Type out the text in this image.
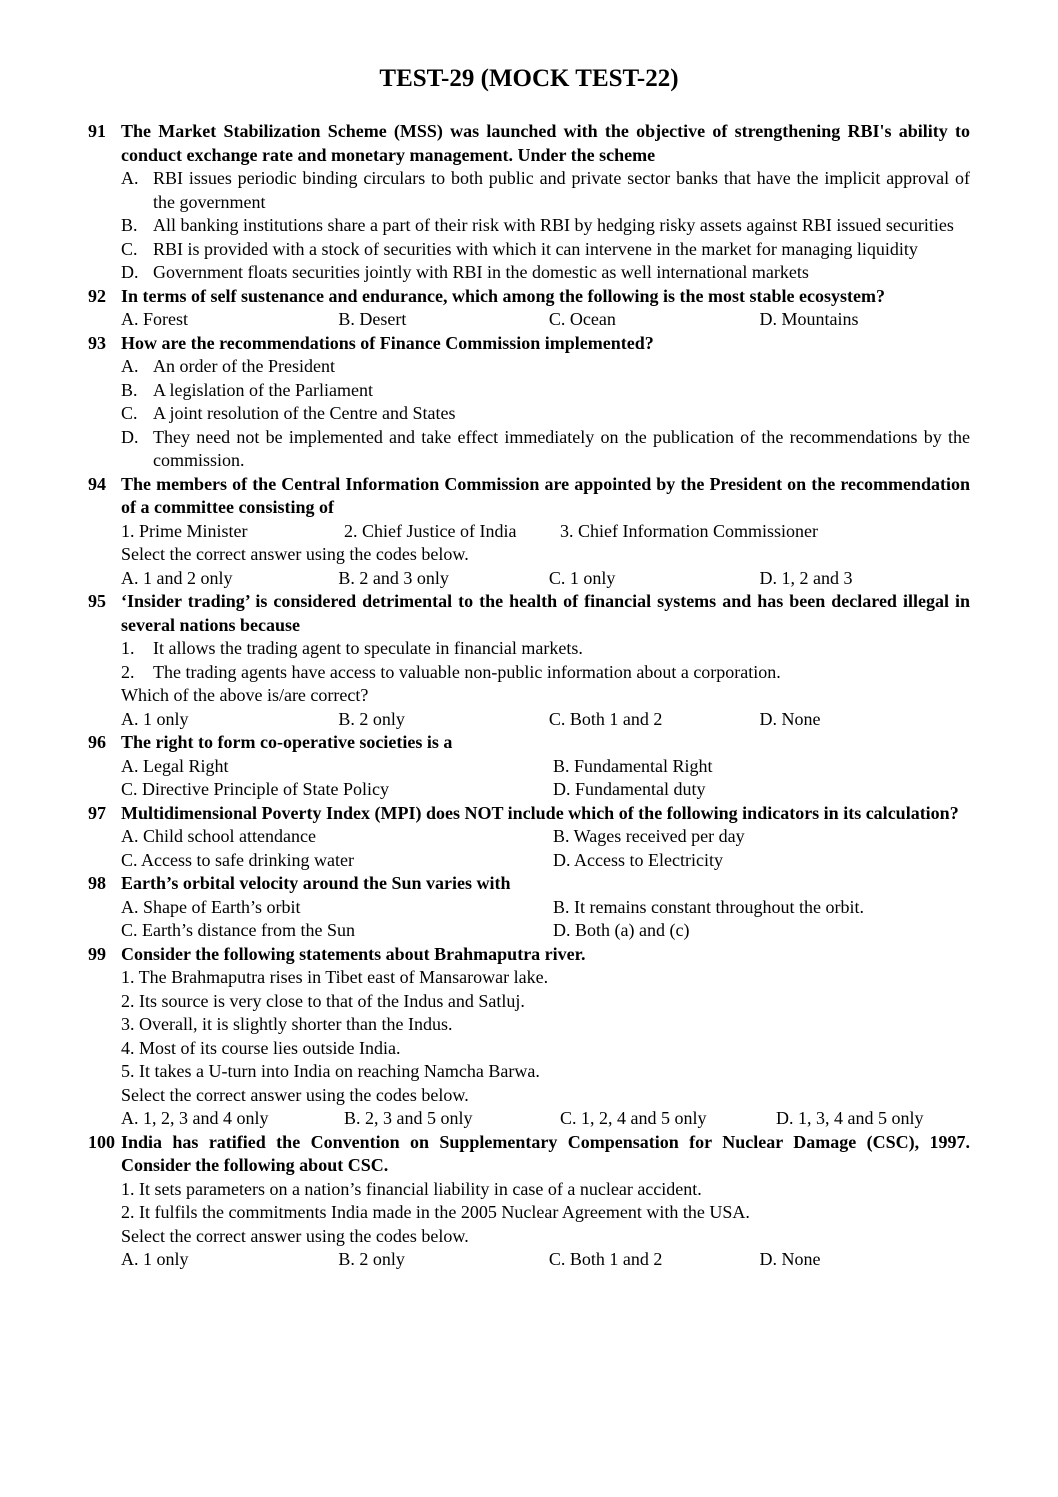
TEST-29 (MOCK TEST-22)
91 The Market Stabilization Scheme (MSS) was launched with the objective of strengthening RBI's ability to conduct exchange rate and monetary management. Under the scheme
A. RBI issues periodic binding circulars to both public and private sector banks that have the implicit approval of the government
B. All banking institutions share a part of their risk with RBI by hedging risky assets against RBI issued securities
C. RBI is provided with a stock of securities with which it can intervene in the market for managing liquidity
D. Government floats securities jointly with RBI in the domestic as well international markets
92 In terms of self sustenance and endurance, which among the following is the most stable ecosystem?
A. Forest	B. Desert	C. Ocean	D. Mountains
93 How are the recommendations of Finance Commission implemented?
A. An order of the President
B. A legislation of the Parliament
C. A joint resolution of the Centre and States
D. They need not be implemented and take effect immediately on the publication of the recommendations by the commission.
94 The members of the Central Information Commission are appointed by the President on the recommendation of a committee consisting of
1. Prime Minister	2. Chief Justice of India	3. Chief Information Commissioner
Select the correct answer using the codes below.
A. 1 and 2 only	B. 2 and 3 only	C. 1 only	D. 1, 2 and 3
95 ‘Insider trading’ is considered detrimental to the health of financial systems and has been declared illegal in several nations because
1. It allows the trading agent to speculate in financial markets.
2. The trading agents have access to valuable non-public information about a corporation.
Which of the above is/are correct?
A. 1 only	B. 2 only	C. Both 1 and 2	D. None
96 The right to form co-operative societies is a
A. Legal Right	B. Fundamental Right
C. Directive Principle of State Policy	D. Fundamental duty
97 Multidimensional Poverty Index (MPI) does NOT include which of the following indicators in its calculation?
A. Child school attendance	B. Wages received per day
C. Access to safe drinking water	D. Access to Electricity
98 Earth’s orbital velocity around the Sun varies with
A. Shape of Earth’s orbit	B. It remains constant throughout the orbit.
C. Earth’s distance from the Sun	D. Both (a) and (c)
99 Consider the following statements about Brahmaputra river.
1. The Brahmaputra rises in Tibet east of Mansarowar lake.
2. Its source is very close to that of the Indus and Satluj.
3. Overall, it is slightly shorter than the Indus.
4. Most of its course lies outside India.
5. It takes a U-turn into India on reaching Namcha Barwa.
Select the correct answer using the codes below.
A. 1, 2, 3 and 4 only	B. 2, 3 and 5 only	C. 1, 2, 4 and 5 only	D. 1, 3, 4 and 5 only
100 India has ratified the Convention on Supplementary Compensation for Nuclear Damage (CSC), 1997. Consider the following about CSC.
1. It sets parameters on a nation’s financial liability in case of a nuclear accident.
2. It fulfils the commitments India made in the 2005 Nuclear Agreement with the USA.
Select the correct answer using the codes below.
A. 1 only	B. 2 only	C. Both 1 and 2	D. None
